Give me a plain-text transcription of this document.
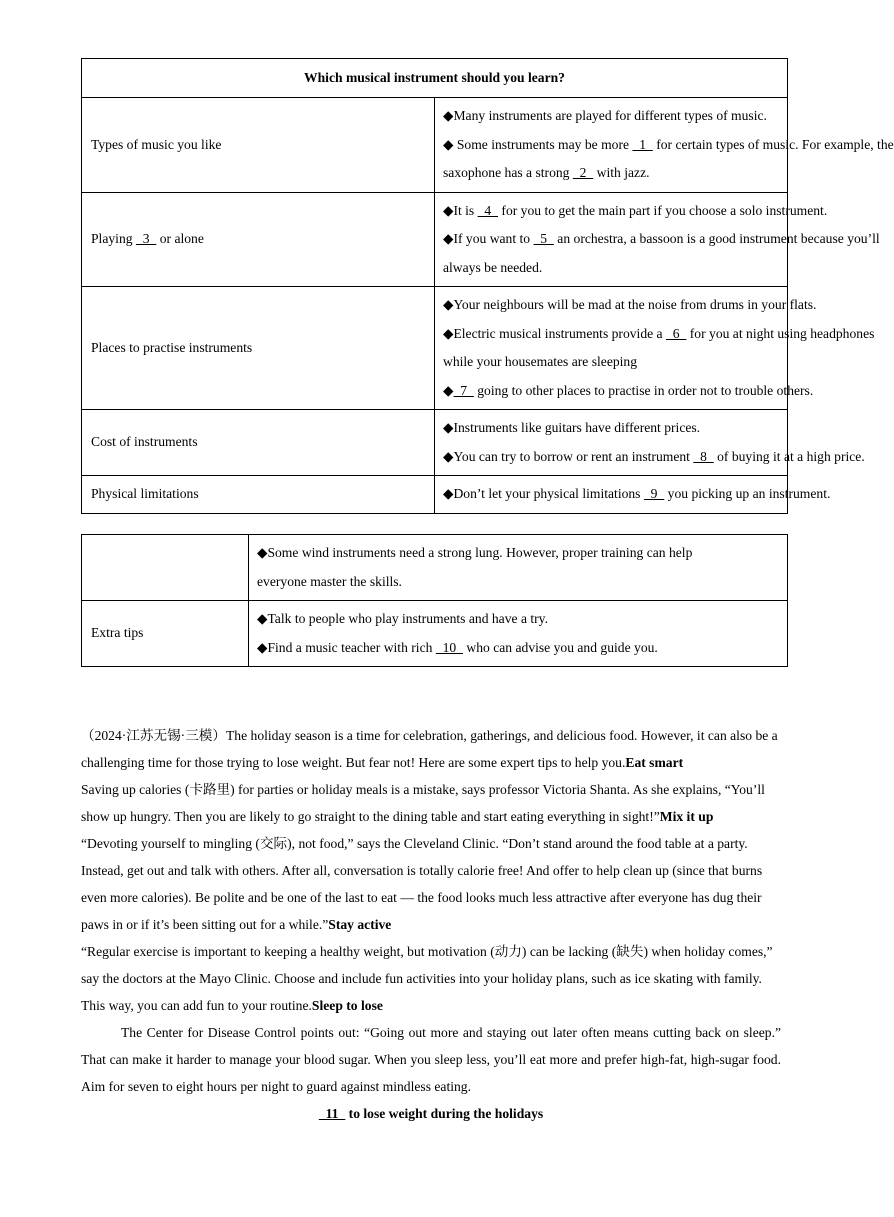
Which musical instrument should you learn?	

Types of music you like	◆Many instruments are played for different types of music.
◆ Some instruments may be more   1   for certain types of music. For example, the
saxophone has a strong   2   with jazz.

Playing   3   or alone	◆It is   4   for you to get the main part if you choose a solo instrument.
◆If you want to   5   an orchestra, a bassoon is a good instrument because you’ll
always be needed.

Places to practise instruments	◆Your neighbours will be mad at the noise from drums in your flats.
◆Electric musical instruments provide a   6   for you at night using headphones
while your housemates are sleeping
◆  7   going to other places to practise in order not to trouble others.

Cost of instruments	◆Instruments like guitars have different prices.
◆You can try to borrow or rent an instrument   8   of buying it at a high price.

Physical limitations	◆Don’t let your physical limitations   9   you picking up an instrument.

	◆Some wind instruments need a strong lung. However, proper training can help
everyone master the skills.

Extra tips	◆Talk to people who play instruments and have a try.
◆Find a music teacher with rich   10   who can advise you and guide you.

（2024·江苏无锡·三模）The holiday season is a time for celebration, gatherings, and delicious food. However, it can also be a challenging time for those trying to lose weight. But fear not! Here are some expert tips to help you.Eat smart

Saving up calories (卡路里) for parties or holiday meals is a mistake, says professor Victoria Shanta. As she explains, “You’ll show up hungry. Then you are likely to go straight to the dining table and start eating everything in sight!”Mix it up

“Devoting yourself to mingling (交际), not food,” says the Cleveland Clinic. “Don’t stand around the food table at a party. Instead, get out and talk with others. After all, conversation is totally calorie free! And offer to help clean up (since that burns even more calories). Be polite and be one of the last to eat — the food looks much less attractive after everyone has dug their paws in or if it’s been sitting out for a while.”Stay active

“Regular exercise is important to keeping a healthy weight, but motivation (动力) can be lacking (缺失) when holiday comes,” say the doctors at the Mayo Clinic. Choose and include fun activities into your holiday plans, such as ice skating with family. This way, you can add fun to your routine.Sleep to lose

The Center for Disease Control points out: “Going out more and staying out later often means cutting back on sleep.” That can make it harder to manage your blood sugar. When you sleep less, you’ll eat more and prefer high-fat, high-sugar food. Aim for seven to eight hours per night to guard against mindless eating.

11   to lose weight during the holidays
